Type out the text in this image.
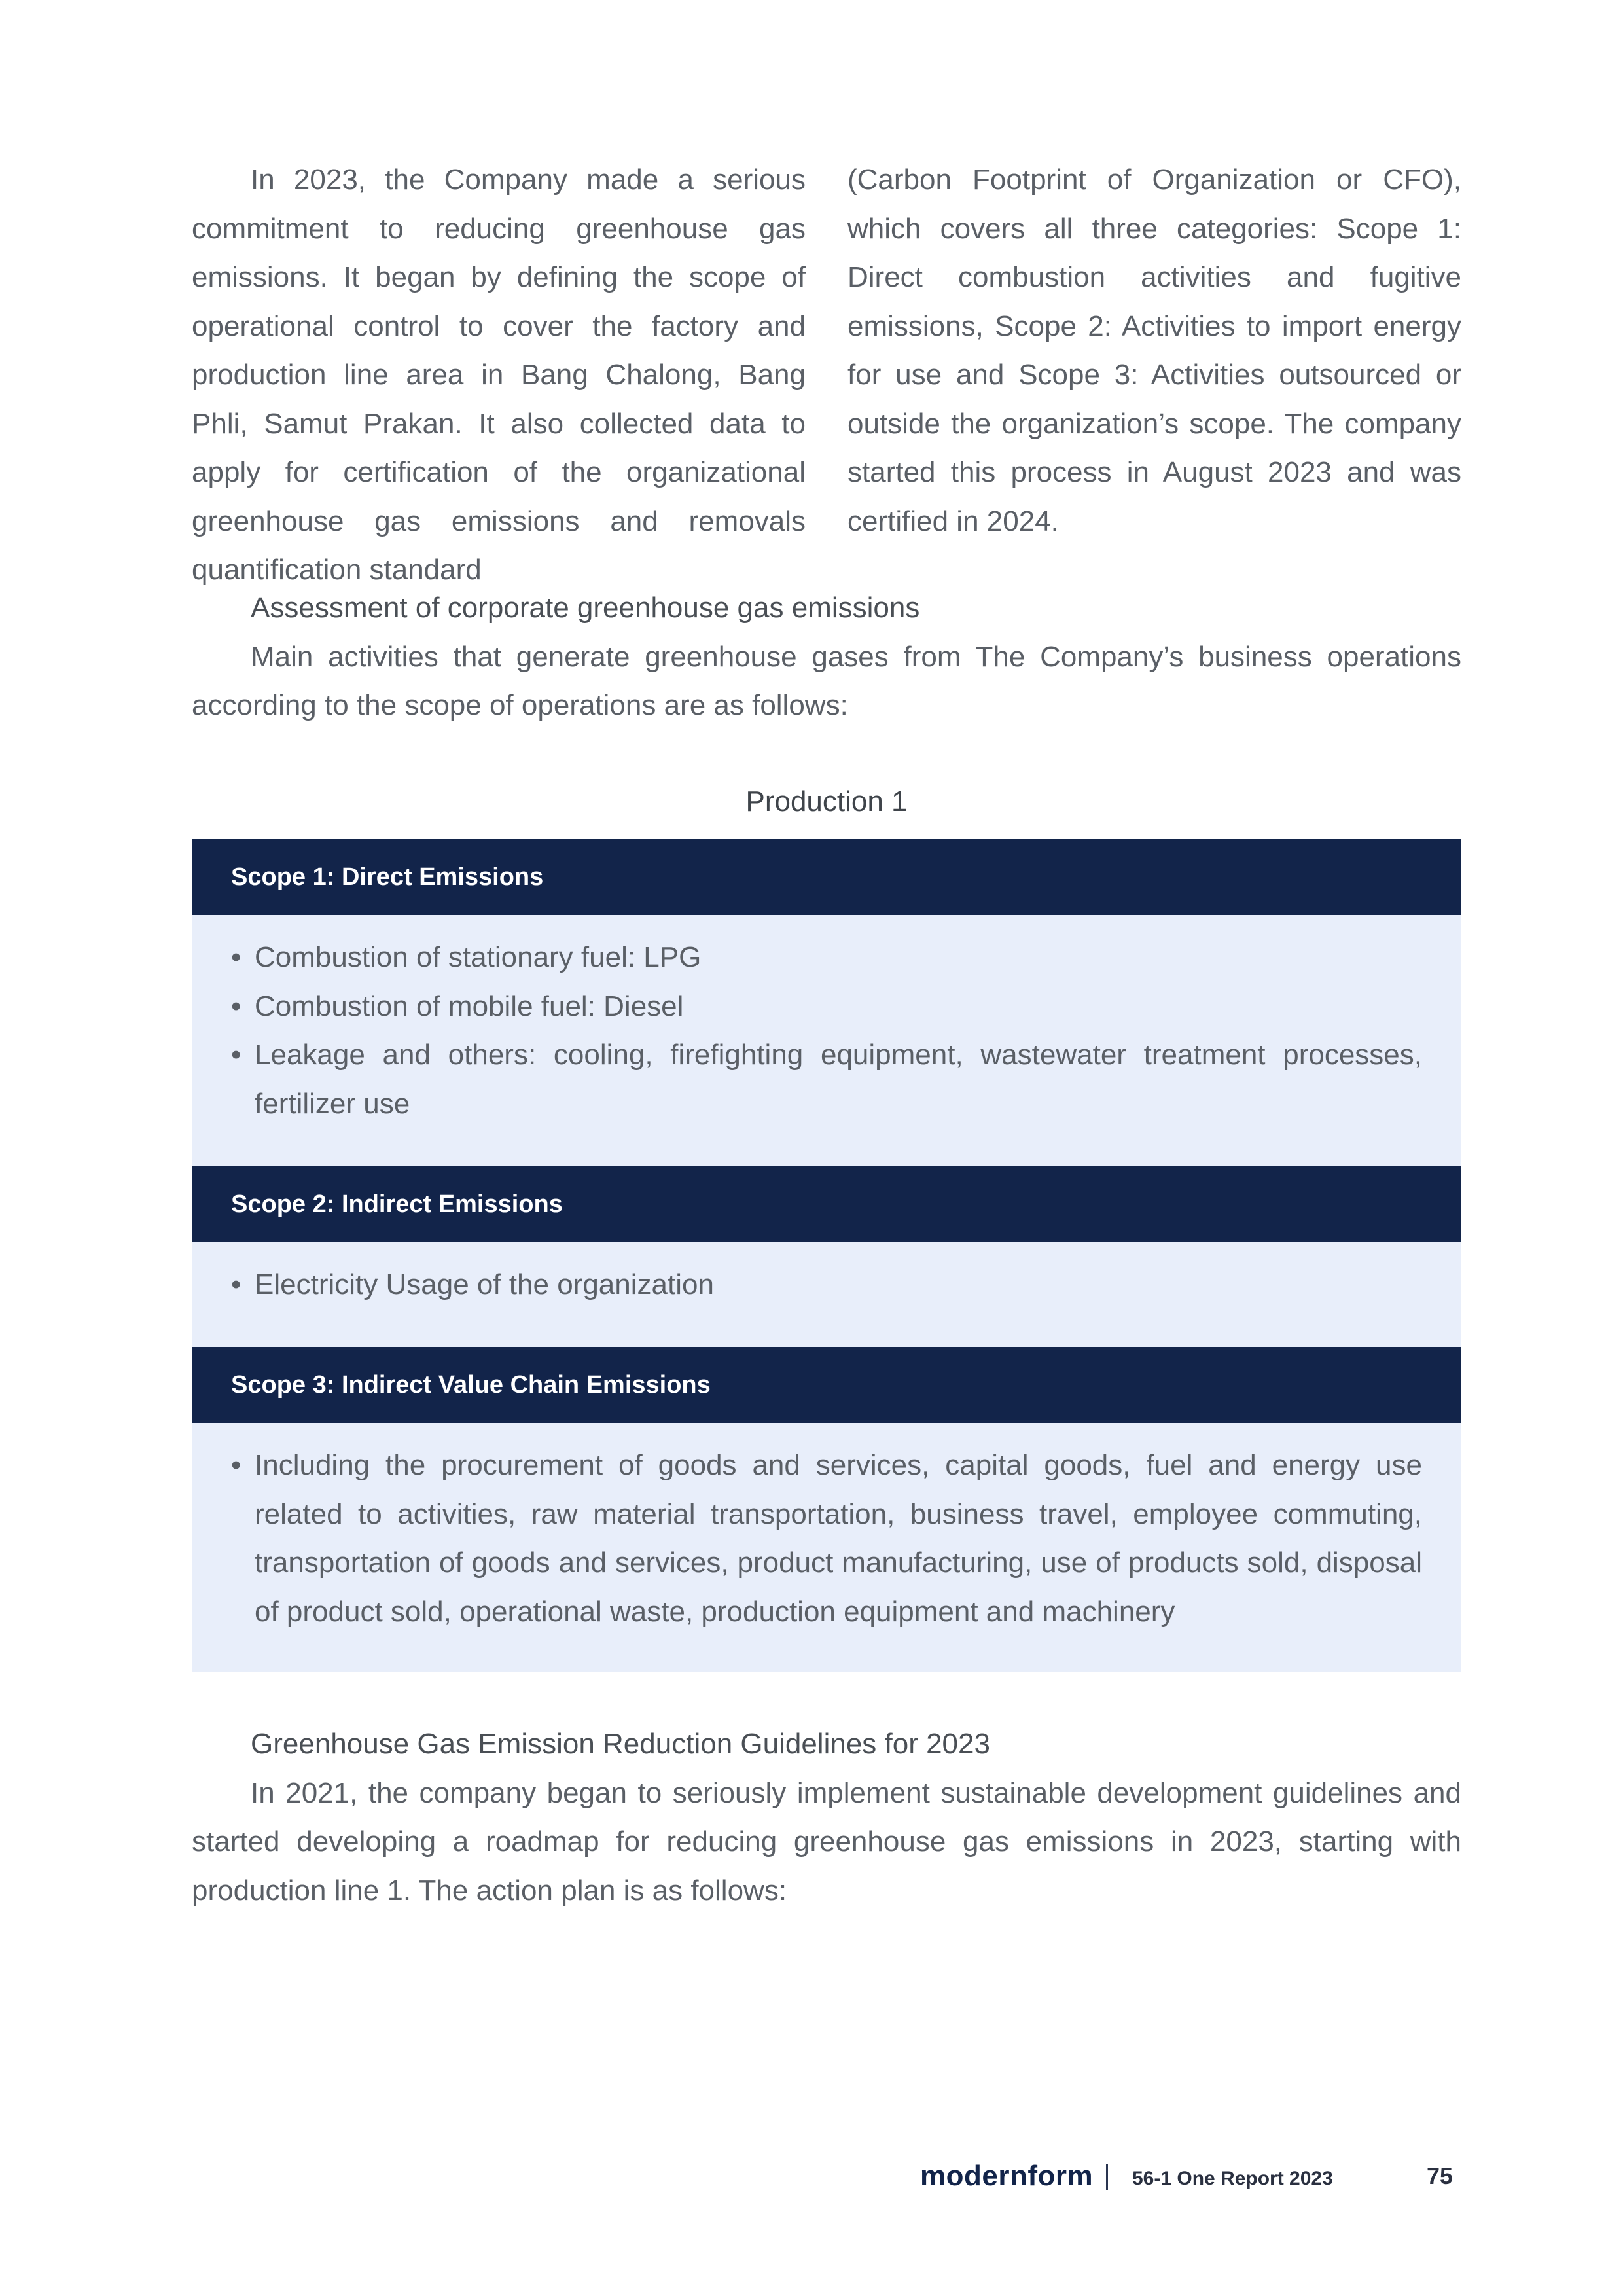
In 2023, the Company made a serious commitment to reducing greenhouse gas emissions. It began by defining the scope of operational control to cover the factory and production line area in Bang Chalong, Bang Phli, Samut Prakan. It also collected data to apply for certification of the organizational greenhouse gas emissions and removals quantification standard

(Carbon Footprint of Organization or CFO), which covers all three categories: Scope 1: Direct combustion activities and fugitive emissions, Scope 2: Activities to import energy for use and Scope 3: Activities outsourced or outside the organization’s scope. The company started this process in August 2023 and was certified in 2024.

Assessment of corporate greenhouse gas emissions

Main activities that generate greenhouse gases from The Company’s business operations according to the scope of operations are as follows:

Production 1
Scope 1: Direct Emissions
• Combustion of stationary fuel: LPG
• Combustion of mobile fuel: Diesel
• Leakage and others: cooling, firefighting equipment, wastewater treatment processes, fertilizer use
Scope 2: Indirect Emissions
• Electricity Usage of the organization
Scope 3: Indirect Value Chain Emissions
• Including the procurement of goods and services, capital goods, fuel and energy use related to activities, raw material transportation, business travel, employee commuting, transportation of goods and services, product manufacturing, use of products sold, disposal of product sold, operational waste, production equipment and machinery

Greenhouse Gas Emission Reduction Guidelines for 2023

In 2021, the company began to seriously implement sustainable development guidelines and started developing a roadmap for reducing greenhouse gas emissions in 2023, starting with production line 1. The action plan is as follows:

modernform 56-1 One Report 2023	75
